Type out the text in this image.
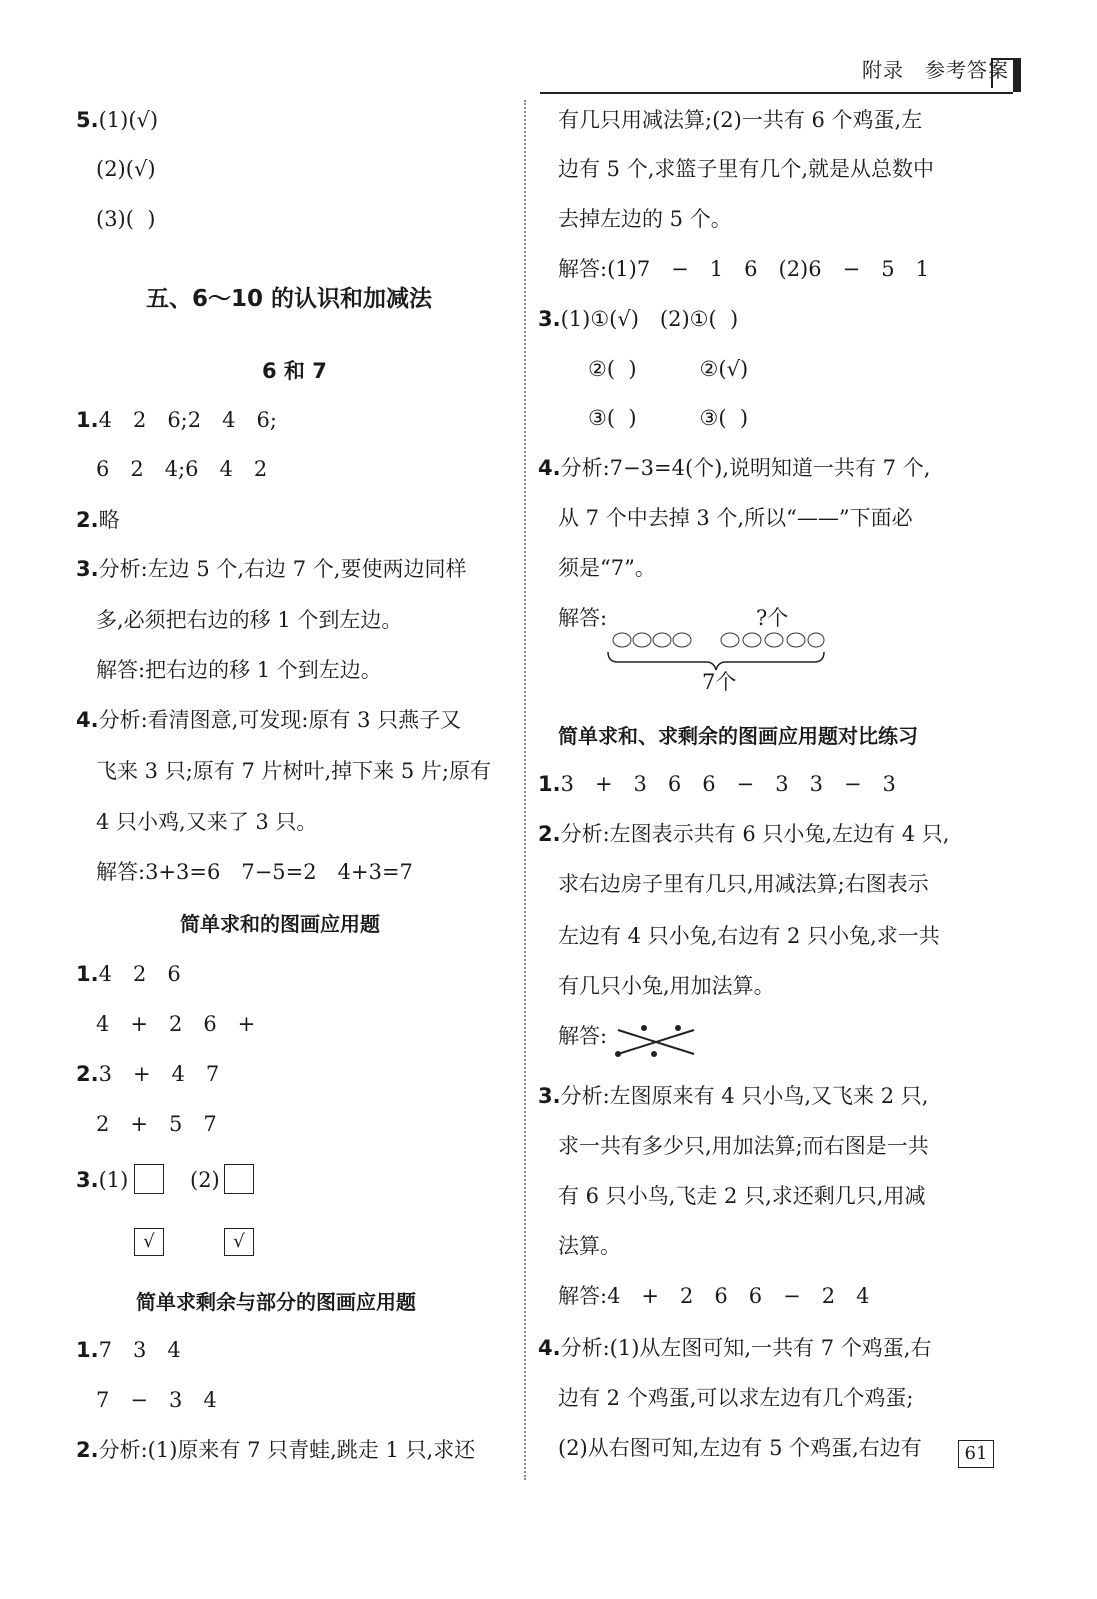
附录　参考答案
5.(1)(√)
(2)(√)
(3)(  )
五、6～10 的认识和加减法
6 和 7
1.4　2　6;2　4　6;
6　2　4;6　4　2
2.略
3.分析:左边 5 个,右边 7 个,要使两边同样
多,必须把右边的移 1 个到左边。
解答:把右边的移 1 个到左边。
4.分析:看清图意,可发现:原有 3 只燕子又
飞来 3 只;原有 7 片树叶,掉下来 5 片;原有
4 只小鸡,又来了 3 只。
解答:3+3=6　7−5=2　4+3=7
简单求和的图画应用题
1.4　2　6
4　+　2　6　+
2.3　+　4　7
2　+　5　7
3.(1)	(2)
√	√
简单求剩余与部分的图画应用题
1.7　3　4
7　−　3　4
2.分析:(1)原来有 7 只青蛙,跳走 1 只,求还
有几只用减法算;(2)一共有 6 个鸡蛋,左
边有 5 个,求篮子里有几个,就是从总数中
去掉左边的 5 个。
解答:(1)7　−　1　6　(2)6　−　5　1
3.(1)①(√)　(2)①(  )
②(  )　　　②(√)
③(  )　　　③(  )
4.分析:7−3=4(个),说明知道一共有 7 个,
从 7 个中去掉 3 个,所以“——”下面必
须是“7”。
解答:	?个
7个
简单求和、求剩余的图画应用题对比练习
1.3　+　3　6　6　−　3　3　−　3
2.分析:左图表示共有 6 只小兔,左边有 4 只,
求右边房子里有几只,用减法算;右图表示
左边有 4 只小兔,右边有 2 只小兔,求一共
有几只小兔,用加法算。
解答:
3.分析:左图原来有 4 只小鸟,又飞来 2 只,
求一共有多少只,用加法算;而右图是一共
有 6 只小鸟,飞走 2 只,求还剩几只,用减
法算。
解答:4　+　2　6　6　−　2　4
4.分析:(1)从左图可知,一共有 7 个鸡蛋,右
边有 2 个鸡蛋,可以求左边有几个鸡蛋;
(2)从右图可知,左边有 5 个鸡蛋,右边有	61
